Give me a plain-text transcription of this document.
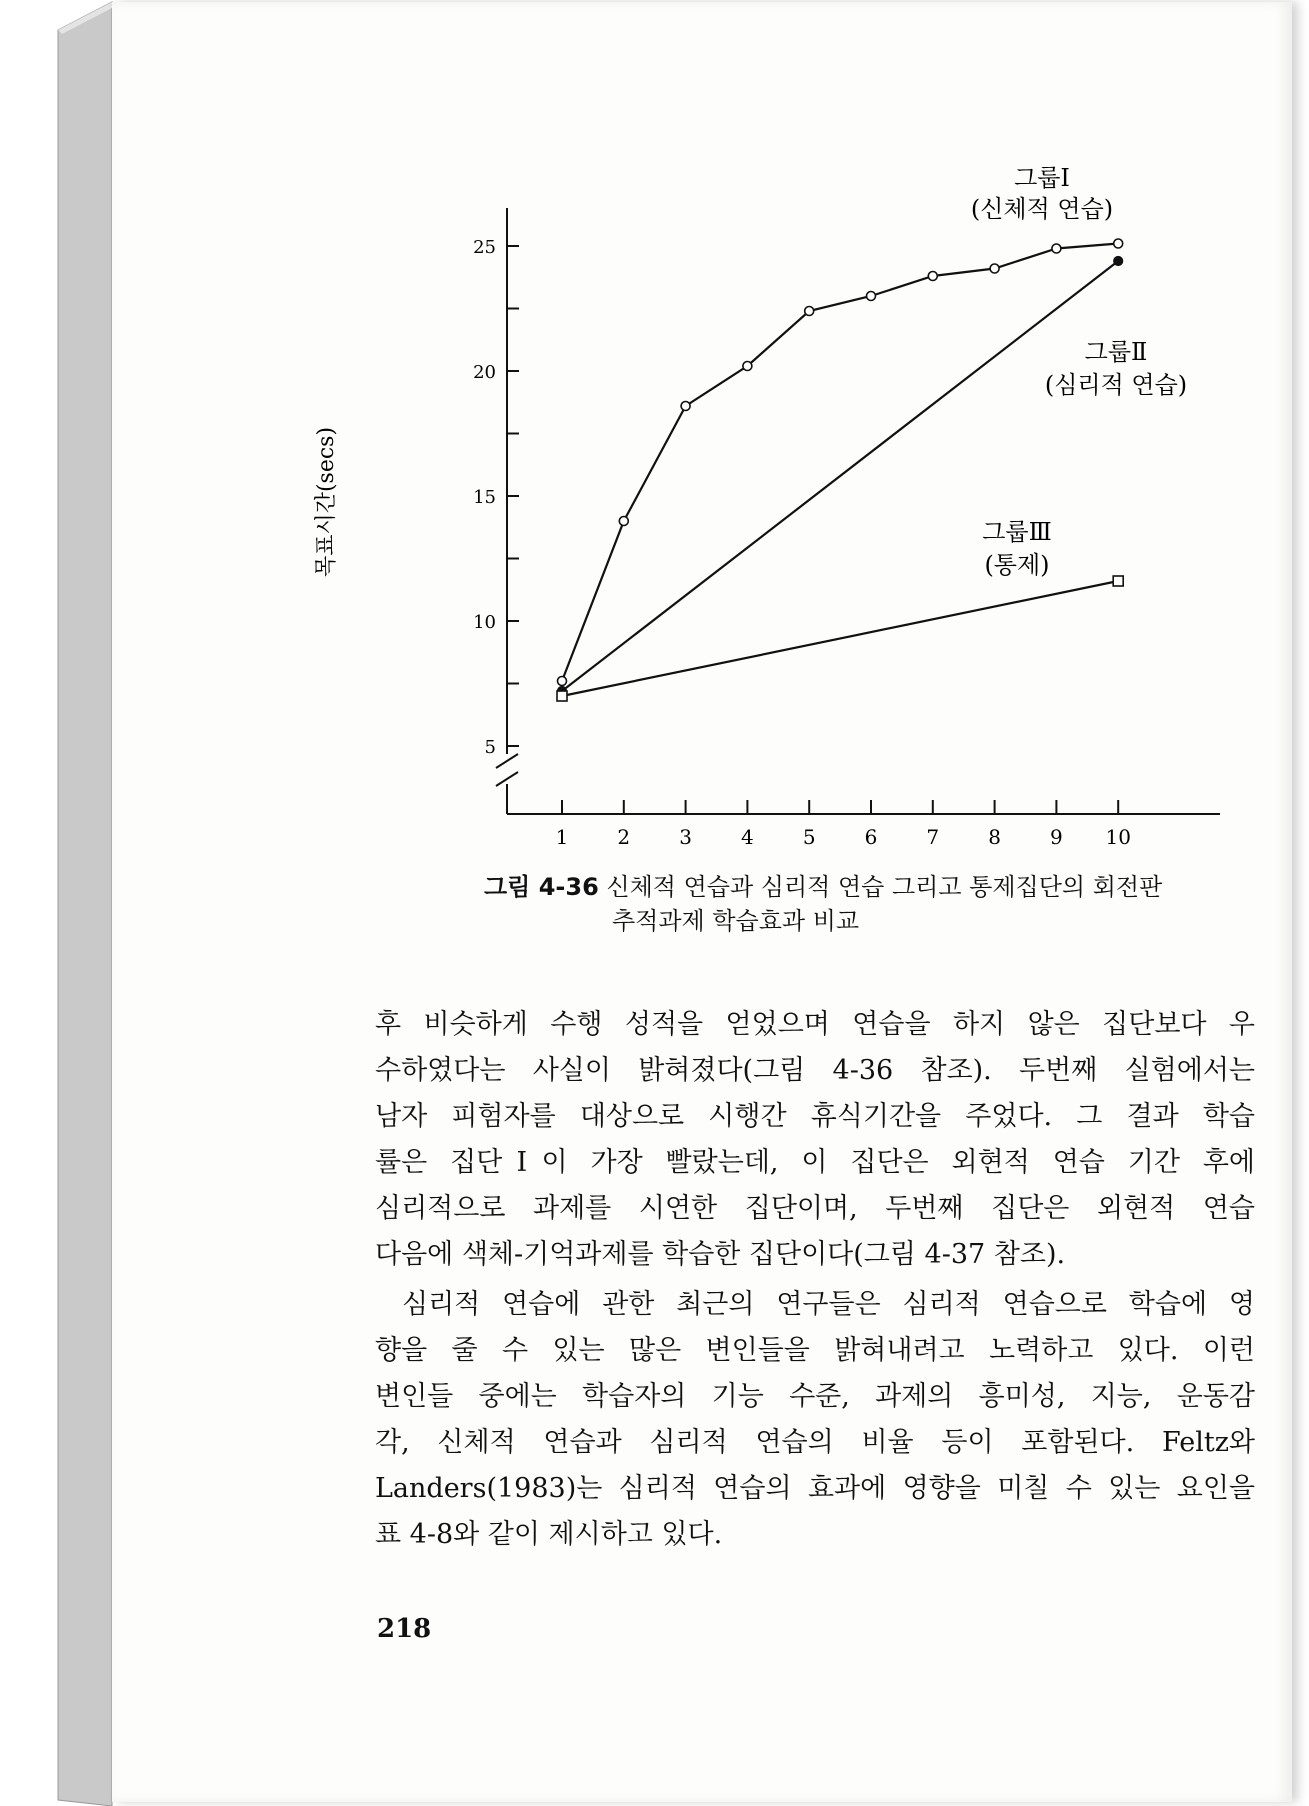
5
10
15
20
25
1 2 3 4 5 6 7 8 9 10
그룹Ⅰ
(신체적 연습)
그룹Ⅱ
(심리적 연습)
그룹Ⅲ
(통제)
목표시간(secs)
그림 4-36 신체적 연습과 심리적 연습 그리고 통제집단의 회전판
추적과제 학습효과 비교
후 비슷하게 수행 성적을 얻었으며 연습을 하지 않은 집단보다 우
수하였다는 사실이 밝혀졌다(그림 4-36 참조). 두번째 실험에서는
남자 피험자를 대상으로 시행간 휴식기간을 주었다. 그 결과 학습
률은 집단Ⅰ이 가장 빨랐는데, 이 집단은 외현적 연습 기간 후에
심리적으로 과제를 시연한 집단이며, 두번째 집단은 외현적 연습
다음에 색체-기억과제를 학습한 집단이다(그림 4-37 참조).
심리적 연습에 관한 최근의 연구들은 심리적 연습으로 학습에 영
향을 줄 수 있는 많은 변인들을 밝혀내려고 노력하고 있다. 이런
변인들 중에는 학습자의 기능 수준, 과제의 흥미성, 지능, 운동감
각, 신체적 연습과 심리적 연습의 비율 등이 포함된다. Feltz와
Landers(1983)는 심리적 연습의 효과에 영향을 미칠 수 있는 요인을
표 4-8와 같이 제시하고 있다.
218
